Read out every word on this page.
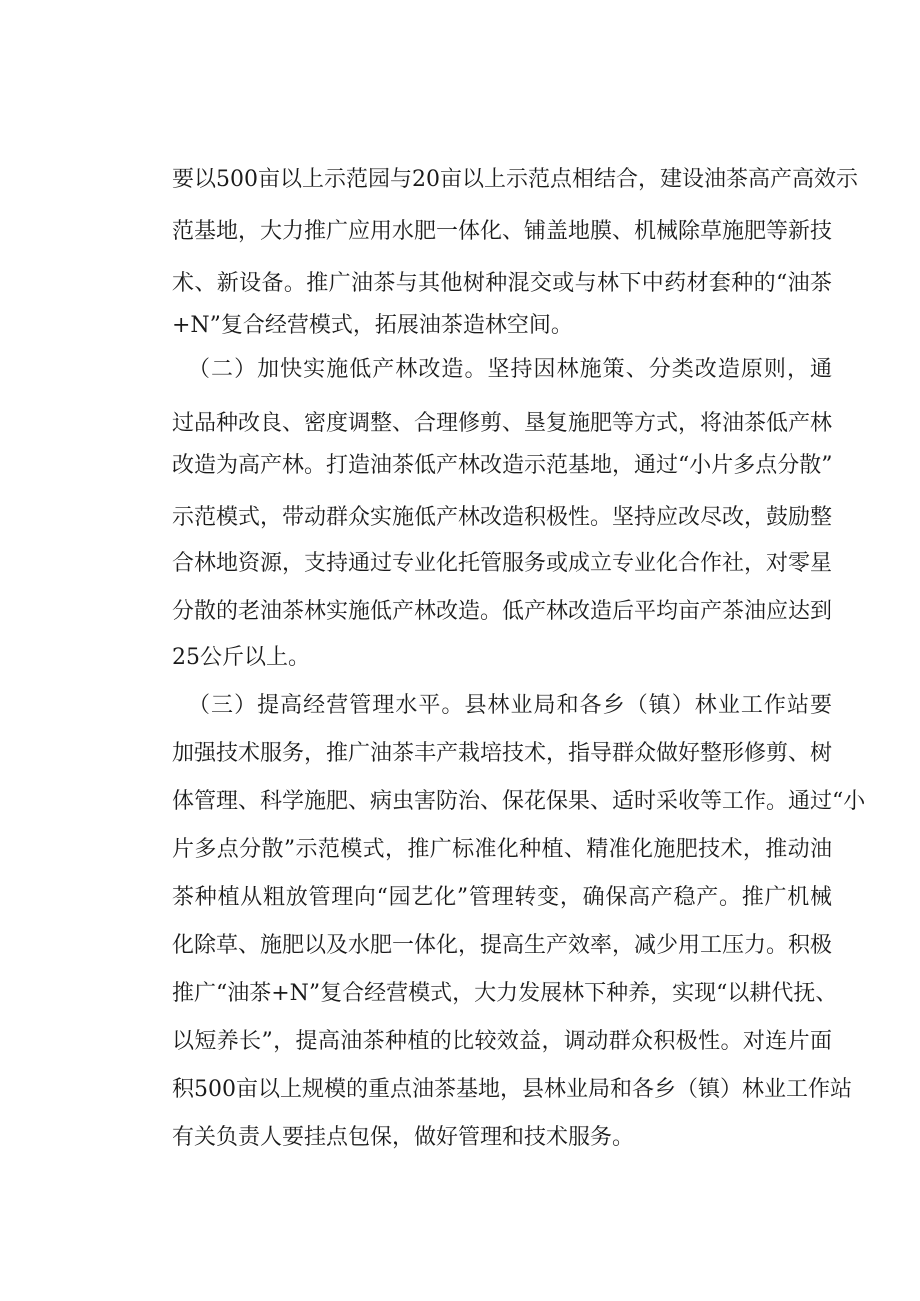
要以500亩以上示范园与20亩以上示范点相结合，建设油茶高产高效示
范基地，大力推广应用水肥一体化、铺盖地膜、机械除草施肥等新技
术、新设备。推广油茶与其他树种混交或与林下中药材套种的“油茶
+N”复合经营模式，拓展油茶造林空间。
（二）加快实施低产林改造。坚持因林施策、分类改造原则，通
过品种改良、密度调整、合理修剪、垦复施肥等方式，将油茶低产林
改造为高产林。打造油茶低产林改造示范基地，通过“小片多点分散”
示范模式，带动群众实施低产林改造积极性。坚持应改尽改，鼓励整
合林地资源，支持通过专业化托管服务或成立专业化合作社，对零星
分散的老油茶林实施低产林改造。低产林改造后平均亩产茶油应达到
25公斤以上。
（三）提高经营管理水平。县林业局和各乡（镇）林业工作站要
加强技术服务，推广油茶丰产栽培技术，指导群众做好整形修剪、树
体管理、科学施肥、病虫害防治、保花保果、适时采收等工作。通过“小
片多点分散”示范模式，推广标准化种植、精准化施肥技术，推动油
茶种植从粗放管理向“园艺化”管理转变，确保高产稳产。推广机械
化除草、施肥以及水肥一体化，提高生产效率，减少用工压力。积极
推广“油茶+N”复合经营模式，大力发展林下种养，实现“以耕代抚、
以短养长”，提高油茶种植的比较效益，调动群众积极性。对连片面
积500亩以上规模的重点油茶基地，县林业局和各乡（镇）林业工作站
有关负责人要挂点包保，做好管理和技术服务。
